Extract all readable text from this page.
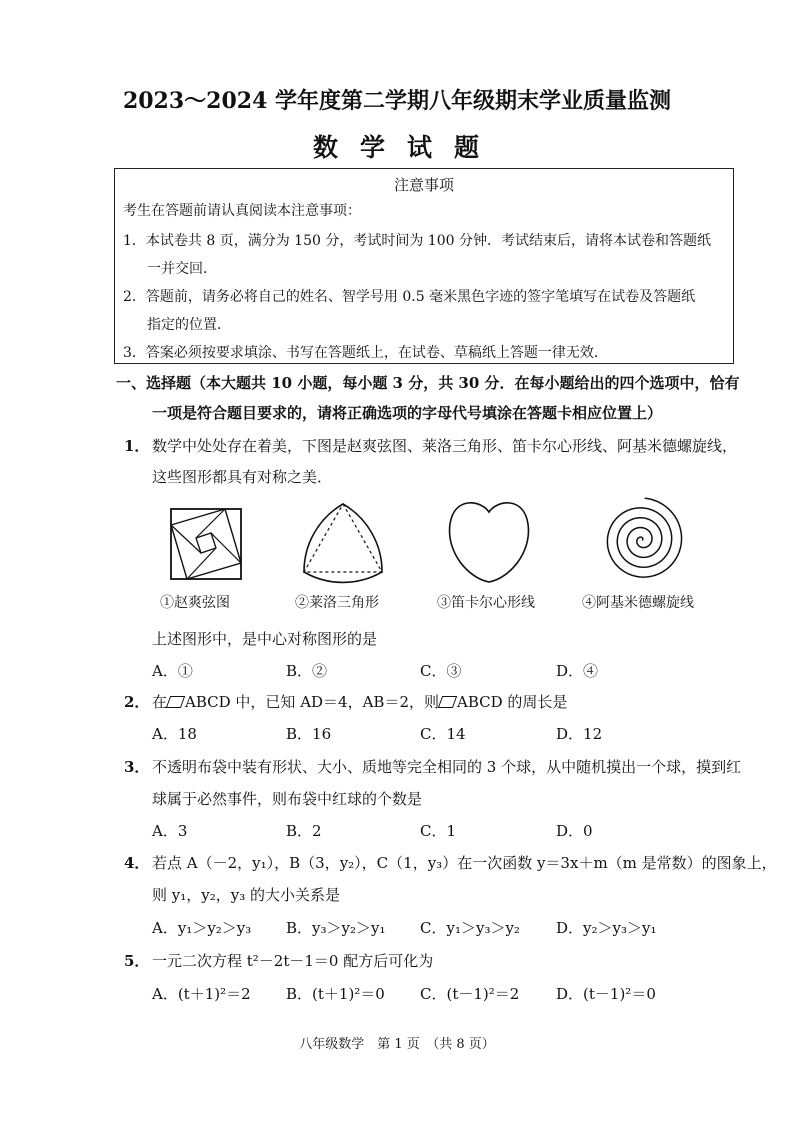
2023～2024 学年度第二学期八年级期末学业质量监测
数学试题
注意事项
考生在答题前请认真阅读本注意事项：
1．本试卷共 8 页，满分为 150 分，考试时间为 100 分钟．考试结束后，请将本试卷和答题纸
一并交回．
2．答题前，请务必将自己的姓名、智学号用 0.5 毫米黑色字迹的签字笔填写在试卷及答题纸
指定的位置．
3．答案必须按要求填涂、书写在答题纸上，在试卷、草稿纸上答题一律无效．
一、选择题（本大题共 10 小题，每小题 3 分，共 30 分．在每小题给出的四个选项中，恰有
一项是符合题目要求的，请将正确选项的字母代号填涂在答题卡相应位置上）
1． 数学中处处存在着美，下图是赵爽弦图、莱洛三角形、笛卡尔心形线、阿基米德螺旋线，
这些图形都具有对称之美．
①赵爽弦图	②莱洛三角形	③笛卡尔心形线	④阿基米德螺旋线
上述图形中，是中心对称图形的是
A．①	B．②	C．③	D．④
2． 在 ABCD 中，已知 AD＝4，AB＝2，则 ABCD 的周长是
A．18	B．16	C．14	D．12
3． 不透明布袋中装有形状、大小、质地等完全相同的 3 个球，从中随机摸出一个球，摸到红
球属于必然事件，则布袋中红球的个数是
A．3	B．2	C．1	D．0
4． 若点 A（－2，y₁），B（3，y₂），C（1，y₃）在一次函数 y＝3x＋m（m 是常数）的图象上，
则 y₁，y₂，y₃ 的大小关系是
A．y₁＞y₂＞y₃ B．y₃＞y₂＞y₁ C．y₁＞y₃＞y₂ D．y₂＞y₃＞y₁
5． 一元二次方程 t²－2t－1＝0 配方后可化为
A．(t＋1)²＝2 B．(t＋1)²＝0 C．(t－1)²＝2 D．(t－1)²＝0
八年级数学　第 1 页　（共 8 页）
